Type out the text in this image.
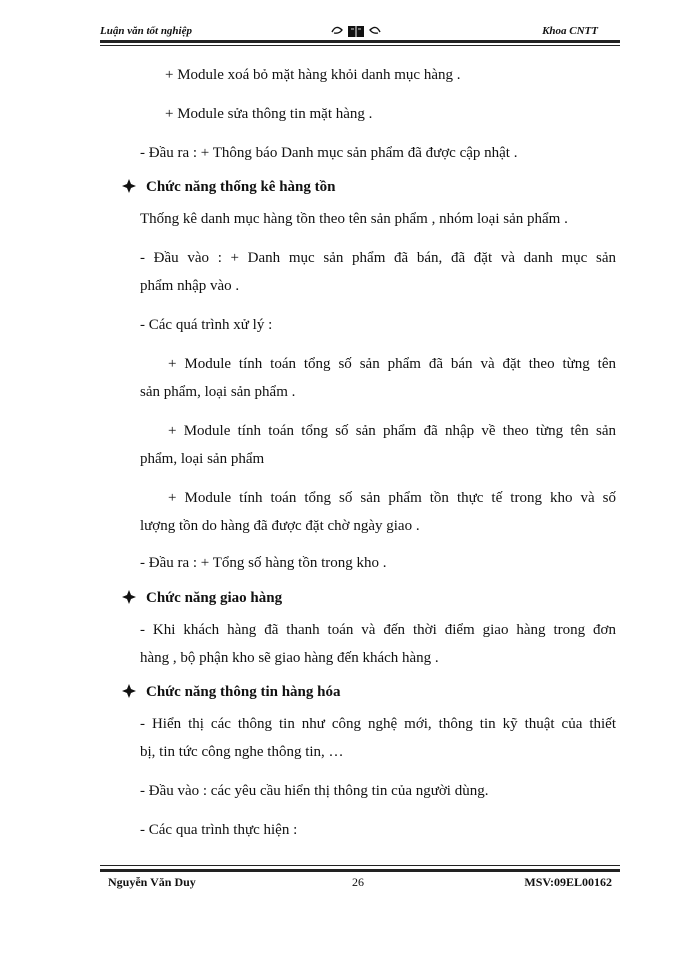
Luận văn tốt nghiệp	Khoa CNTT
+ Module xoá bỏ mặt hàng khỏi danh mục hàng .
+ Module sửa thông tin mặt hàng .
- Đầu ra : + Thông báo Danh mục sản phẩm đã được cập nhật .
Thống kê danh mục hàng tồn theo tên sản phẩm , nhóm loại sản phẩm .
- Đầu vào : + Danh mục sản phẩm đã bán, đã đặt và danh mục sản
phẩm nhập vào .
- Các quá trình xử lý :
+ Module tính toán tổng số sản phẩm đã bán và đặt theo từng tên
sản phẩm, loại sản phẩm .
+ Module tính toán tổng số sản phẩm đã nhập về theo từng tên sản
phẩm, loại sản phẩm
+ Module tính toán tổng số sản phẩm tồn thực tế trong kho và số
lượng tồn do hàng đã được đặt chờ ngày giao .
- Đầu ra : + Tổng số hàng tồn trong kho .
- Khi khách hàng đã thanh toán và đến thời điểm giao hàng trong đơn
hàng , bộ phận kho sẽ giao hàng đến khách hàng .
- Hiển thị các thông tin như công nghệ mới, thông tin kỹ thuật của thiết
bị, tin tức công nghe thông tin, …
- Đầu vào : các yêu cầu hiển thị thông tin của người dùng.
- Các qua trình thực hiện :
Chức năng thống kê hàng tồn
Chức năng giao hàng
Chức năng thông tin hàng hóa
Nguyễn Văn Duy	26	MSV:09EL00162
